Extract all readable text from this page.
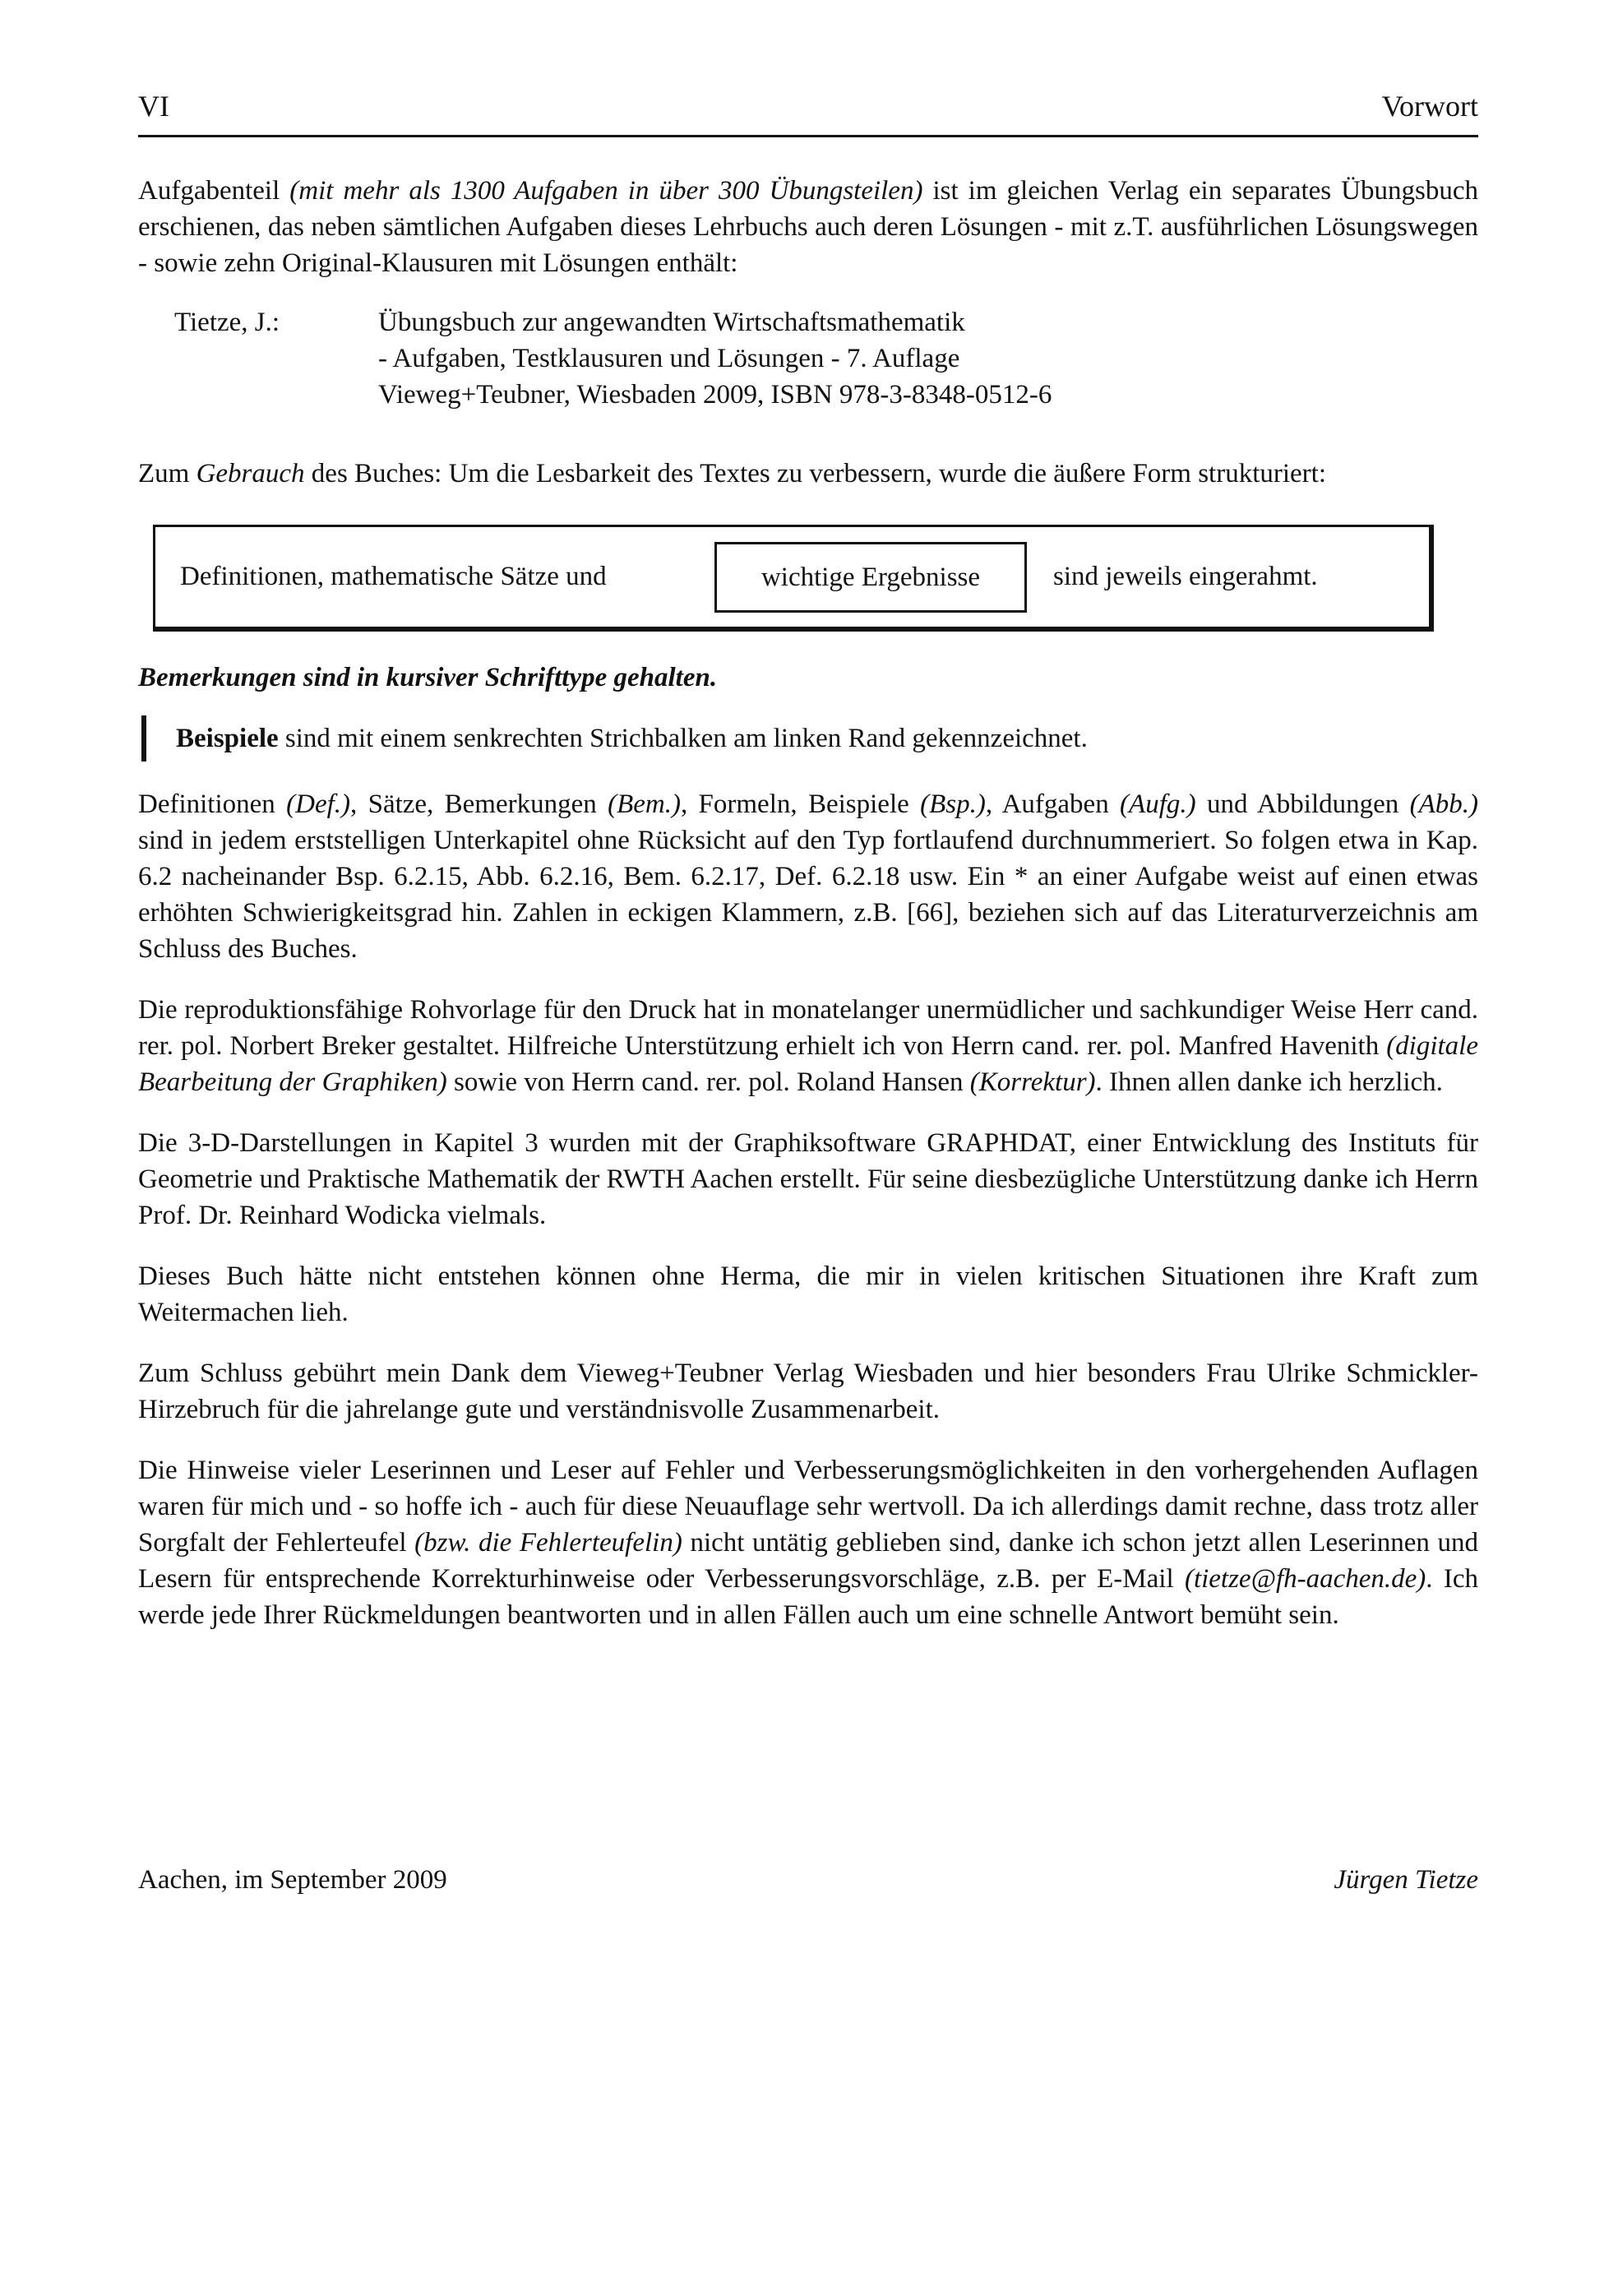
VI	Vorwort

Aufgabenteil (mit mehr als 1300 Aufgaben in über 300 Übungsteilen) ist im gleichen Verlag ein separates Übungsbuch erschienen, das neben sämtlichen Aufgaben dieses Lehrbuchs auch deren Lösungen - mit z.T. ausführlichen Lösungswegen - sowie zehn Original-Klausuren mit Lösungen enthält:

Tietze, J.:	Übungsbuch zur angewandten Wirtschaftsmathematik
- Aufgaben, Testklausuren und Lösungen - 7. Auflage
Vieweg+Teubner, Wiesbaden 2009, ISBN 978-3-8348-0512-6

Zum Gebrauch des Buches: Um die Lesbarkeit des Textes zu verbessern, wurde die äußere Form strukturiert:

Definitionen, mathematische Sätze und	wichtige Ergebnisse	sind jeweils eingerahmt.

Bemerkungen sind in kursiver Schrifttype gehalten.

Beispiele sind mit einem senkrechten Strichbalken am linken Rand gekennzeichnet.

Definitionen (Def.), Sätze, Bemerkungen (Bem.), Formeln, Beispiele (Bsp.), Aufgaben (Aufg.) und Abbildungen (Abb.) sind in jedem erststelligen Unterkapitel ohne Rücksicht auf den Typ fortlaufend durchnummeriert. So folgen etwa in Kap. 6.2 nacheinander Bsp. 6.2.15, Abb. 6.2.16, Bem. 6.2.17, Def. 6.2.18 usw. Ein * an einer Aufgabe weist auf einen etwas erhöhten Schwierigkeitsgrad hin. Zahlen in eckigen Klammern, z.B. [66], beziehen sich auf das Literaturverzeichnis am Schluss des Buches.

Die reproduktionsfähige Rohvorlage für den Druck hat in monatelanger unermüdlicher und sachkundiger Weise Herr cand. rer. pol. Norbert Breker gestaltet. Hilfreiche Unterstützung erhielt ich von Herrn cand. rer. pol. Manfred Havenith (digitale Bearbeitung der Graphiken) sowie von Herrn cand. rer. pol. Roland Hansen (Korrektur). Ihnen allen danke ich herzlich.

Die 3-D-Darstellungen in Kapitel 3 wurden mit der Graphiksoftware GRAPHDAT, einer Entwicklung des Instituts für Geometrie und Praktische Mathematik der RWTH Aachen erstellt. Für seine diesbezügliche Unterstützung danke ich Herrn Prof. Dr. Reinhard Wodicka vielmals.

Dieses Buch hätte nicht entstehen können ohne Herma, die mir in vielen kritischen Situationen ihre Kraft zum Weitermachen lieh.

Zum Schluss gebührt mein Dank dem Vieweg+Teubner Verlag Wiesbaden und hier besonders Frau Ulrike Schmickler-Hirzebruch für die jahrelange gute und verständnisvolle Zusammenarbeit.

Die Hinweise vieler Leserinnen und Leser auf Fehler und Verbesserungsmöglichkeiten in den vorhergehenden Auflagen waren für mich und - so hoffe ich - auch für diese Neuauflage sehr wertvoll. Da ich allerdings damit rechne, dass trotz aller Sorgfalt der Fehlerteufel (bzw. die Fehlerteufelin) nicht untätig geblieben sind, danke ich schon jetzt allen Leserinnen und Lesern für entsprechende Korrekturhinweise oder Verbesserungsvorschläge, z.B. per E-Mail (tietze@fh-aachen.de). Ich werde jede Ihrer Rückmeldungen beantworten und in allen Fällen auch um eine schnelle Antwort bemüht sein.

Aachen, im September 2009	Jürgen Tietze
